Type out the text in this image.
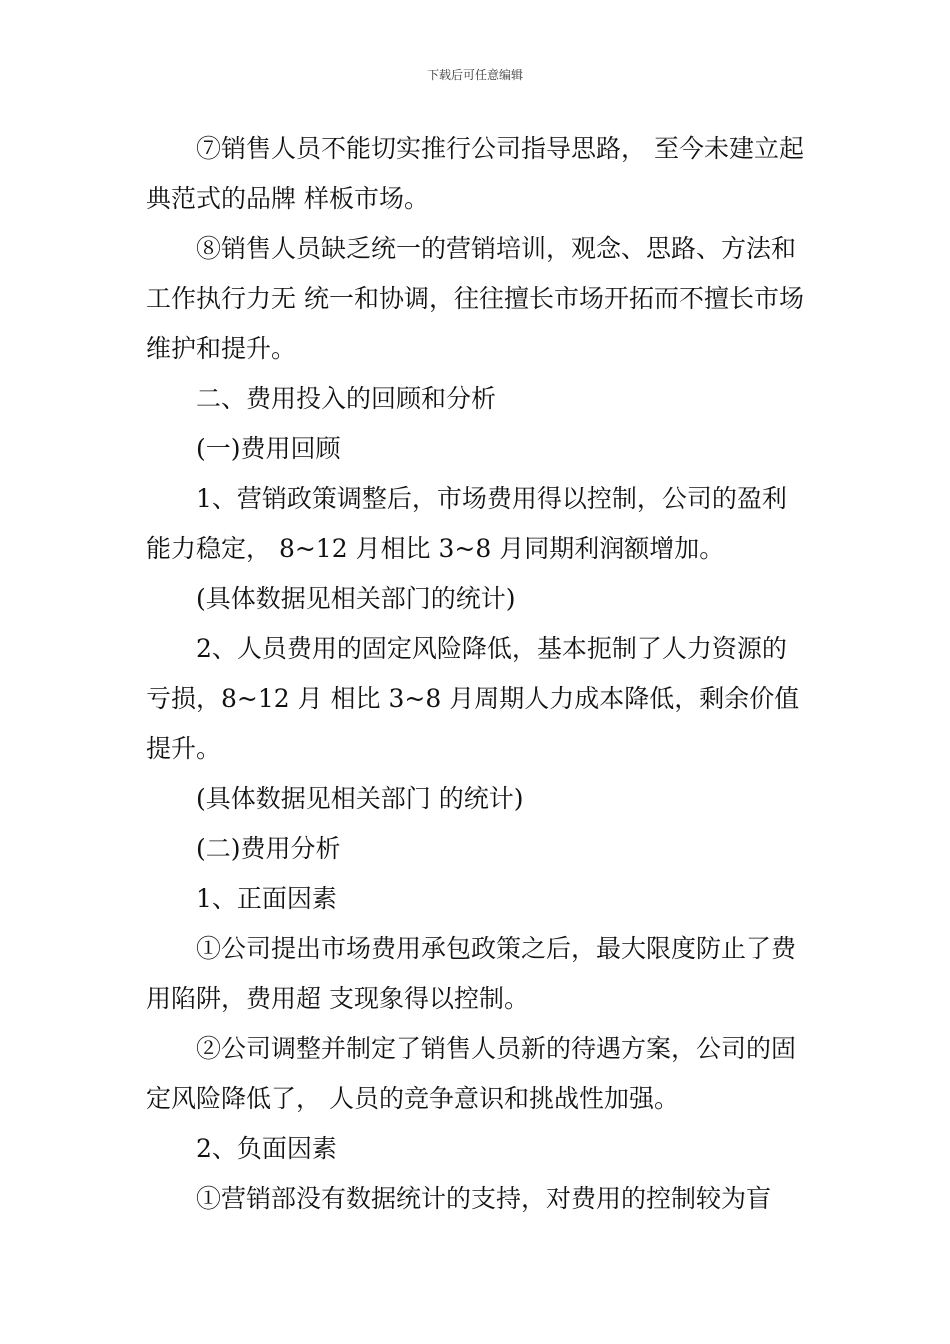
下载后可任意编辑

⑦销售人员不能切实推行公司指导思路， 至今未建立起典范式的品牌 样板市场。

⑧销售人员缺乏统一的营销培训，观念、思路、方法和工作执行力无 统一和协调，往往擅长市场开拓而不擅长市场维护和提升。

二、费用投入的回顾和分析

(一)费用回顾

1、营销政策调整后，市场费用得以控制，公司的盈利能力稳定， 8~12 月相比 3~8 月同期利润额增加。

(具体数据见相关部门的统计)

2、人员费用的固定风险降低，基本扼制了人力资源的亏损，8~12 月 相比 3~8 月周期人力成本降低，剩余价值提升。

(具体数据见相关部门 的统计)

(二)费用分析

1、正面因素

①公司提出市场费用承包政策之后，最大限度防止了费用陷阱，费用超 支现象得以控制。

②公司调整并制定了销售人员新的待遇方案，公司的固定风险降低了， 人员的竞争意识和挑战性加强。

2、负面因素

①营销部没有数据统计的支持，对费用的控制较为盲
